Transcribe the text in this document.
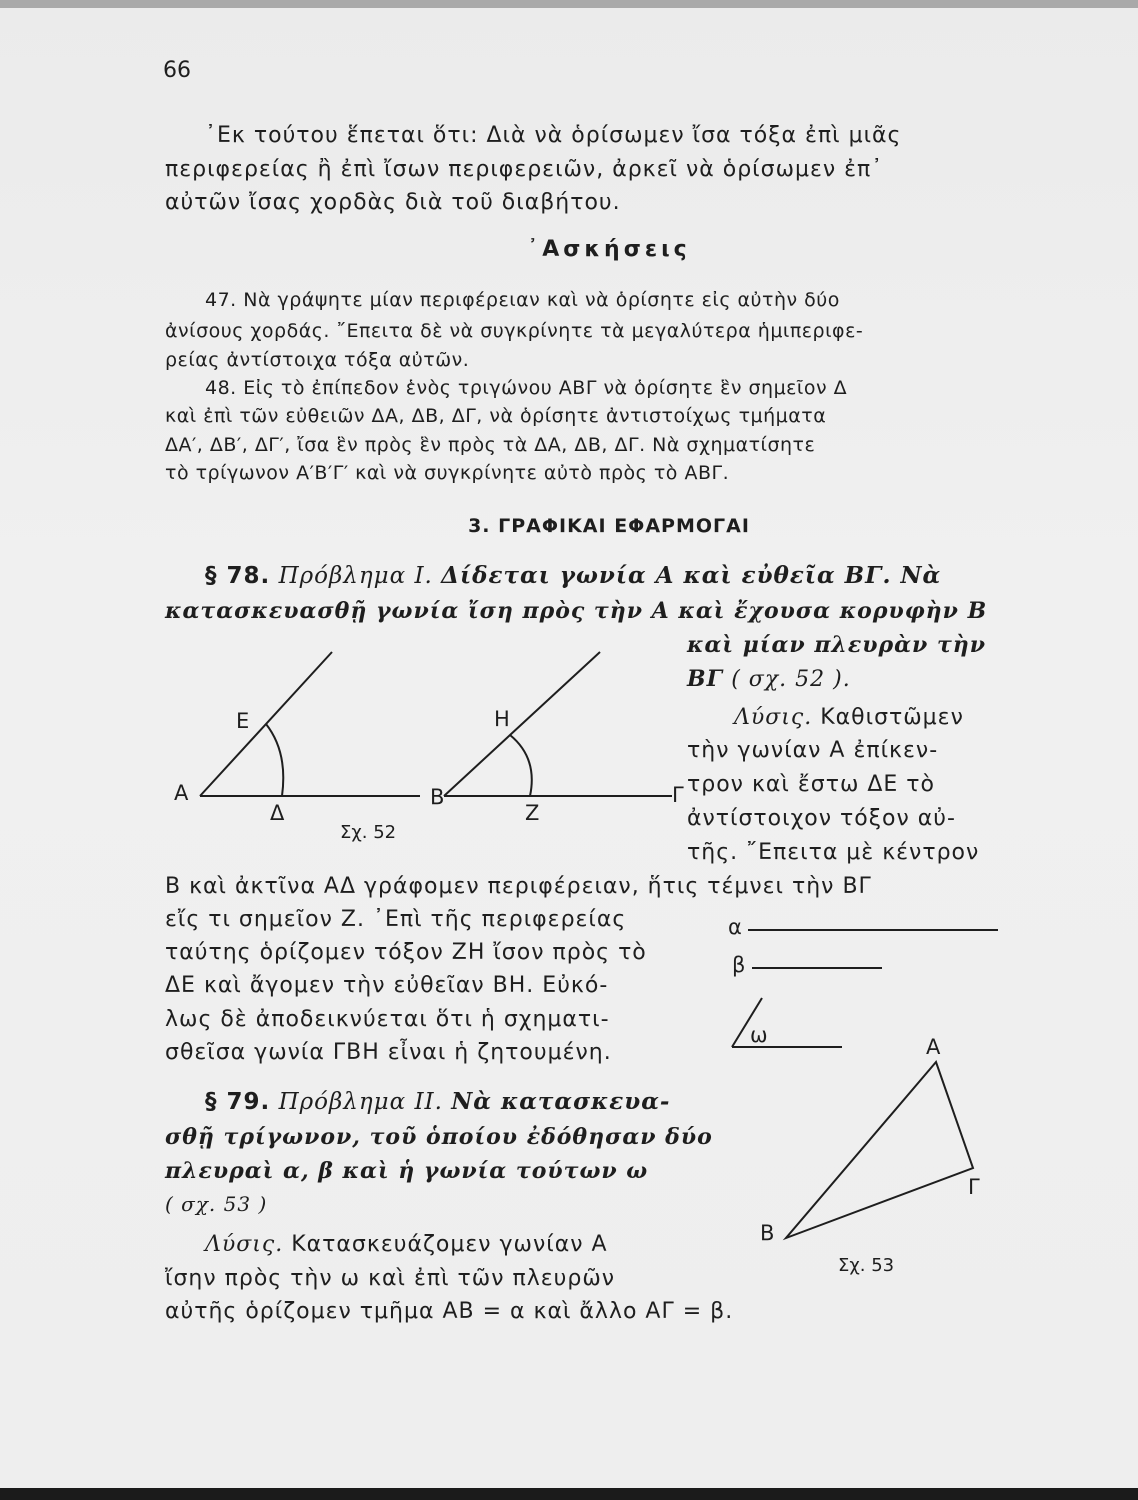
66
᾿Εκ τούτου ἕπεται ὅτι: Διὰ νὰ ὁρίσωμεν ἴσα τόξα ἐπὶ μιᾶς
περιφερείας ἢ ἐπὶ ἴσων περιφερειῶν, ἀρκεῖ νὰ ὁρίσωμεν ἐπ᾿
αὐτῶν ἴσας χορδὰς διὰ τοῦ διαβήτου.
᾿Ασκήσεις
47. Νὰ γράψητε μίαν περιφέρειαν καὶ νὰ ὁρίσητε εἰς αὐτὴν δύο
ἀνίσους χορδάς. ῎Επειτα δὲ νὰ συγκρίνητε τὰ μεγαλύτερα ἡμιπεριφε-
ρείας ἀντίστοιχα τόξα αὐτῶν.
48. Εἰς τὸ ἐπίπεδον ἑνὸς τριγώνου ΑΒΓ νὰ ὁρίσητε ἓν σημεῖον Δ
καὶ ἐπὶ τῶν εὐθειῶν ΔΑ, ΔΒ, ΔΓ, νὰ ὁρίσητε ἀντιστοίχως τμήματα
ΔΑ′, ΔΒ′, ΔΓ′, ἴσα ἓν πρὸς ἓν πρὸς τὰ ΔΑ, ΔΒ, ΔΓ. Νὰ σχηματίσητε
τὸ τρίγωνον Α′Β′Γ′ καὶ νὰ συγκρίνητε αὐτὸ πρὸς τὸ ΑΒΓ.
3. ΓΡΑΦΙΚΑΙ ΕΦΑΡΜΟΓΑΙ
§ 78. Πρόβλημα Ι. Δίδεται γωνία Α καὶ εὐθεῖα ΒΓ. Νὰ
κατασκευασθῇ γωνία ἴση πρὸς τὴν Α καὶ ἔχουσα κορυφὴν Β
καὶ μίαν πλευρὰν τὴν
ΒΓ ( σχ. 52 ).
Λύσις. Καθιστῶμεν
τὴν γωνίαν Α ἐπίκεν-
τρον καὶ ἔστω ΔΕ τὸ
ἀντίστοιχον τόξον αὐ-
τῆς. ῎Επειτα μὲ κέντρον
Β καὶ ἀκτῖνα ΑΔ γράφομεν περιφέρειαν, ἥτις τέμνει τὴν ΒΓ
εἴς τι σημεῖον Ζ. ᾿Επὶ τῆς περιφερείας
ταύτης ὁρίζομεν τόξον ΖΗ ἴσον πρὸς τὸ
ΔΕ καὶ ἄγομεν τὴν εὐθεῖαν ΒΗ. Εὐκό-
λως δὲ ἀποδεικνύεται ὅτι ἡ σχηματι-
σθεῖσα γωνία ΓΒΗ εἶναι ἡ ζητουμένη.
§ 79. Πρόβλημα ΙΙ. Νὰ κατασκευα-
σθῇ τρίγωνον, τοῦ ὁποίου ἐδόθησαν δύο
πλευραὶ α, β καὶ ἡ γωνία τούτων ω
( σχ. 53 )
Λύσις. Κατασκευάζομεν γωνίαν Α
ἴσην πρὸς τὴν ω καὶ ἐπὶ τῶν πλευρῶν
αὐτῆς ὁρίζομεν τμῆμα ΑΒ = α καὶ ἄλλο ΑΓ = β.
Ε
Α
Δ
Η
Β
Ζ
Γ
Σχ. 52
α
β
ω	Α
Β
Γ
Σχ. 53
